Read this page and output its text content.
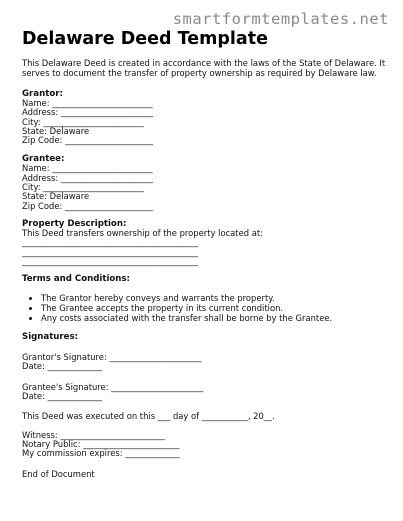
smartformtemplates.net
Delaware Deed Template
This Delaware Deed is created in accordance with the laws of the State of Delaware. It
serves to document the transfer of property ownership as required by Delaware law.
Grantor:
Name: ________________________
Address: ______________________
City: ________________________
State: Delaware
Zip Code: _____________________
Grantee:
Name: ________________________
Address: ______________________
City: ________________________
State: Delaware
Zip Code: _____________________
Property Description:
This Deed transfers ownership of the property located at:
__________________________________________
__________________________________________
__________________________________________
Terms and Conditions:
• The Grantor hereby conveys and warrants the property.
• The Grantee accepts the property in its current condition.
• Any costs associated with the transfer shall be borne by the Grantee.
Signatures:
Grantor's Signature: ______________________
Date: _____________
Grantee's Signature: ______________________
Date: _____________
This Deed was executed on this ___ day of ___________, 20__.
Witness: _________________________
Notary Public: _______________________
My commission expires: _____________
End of Document
